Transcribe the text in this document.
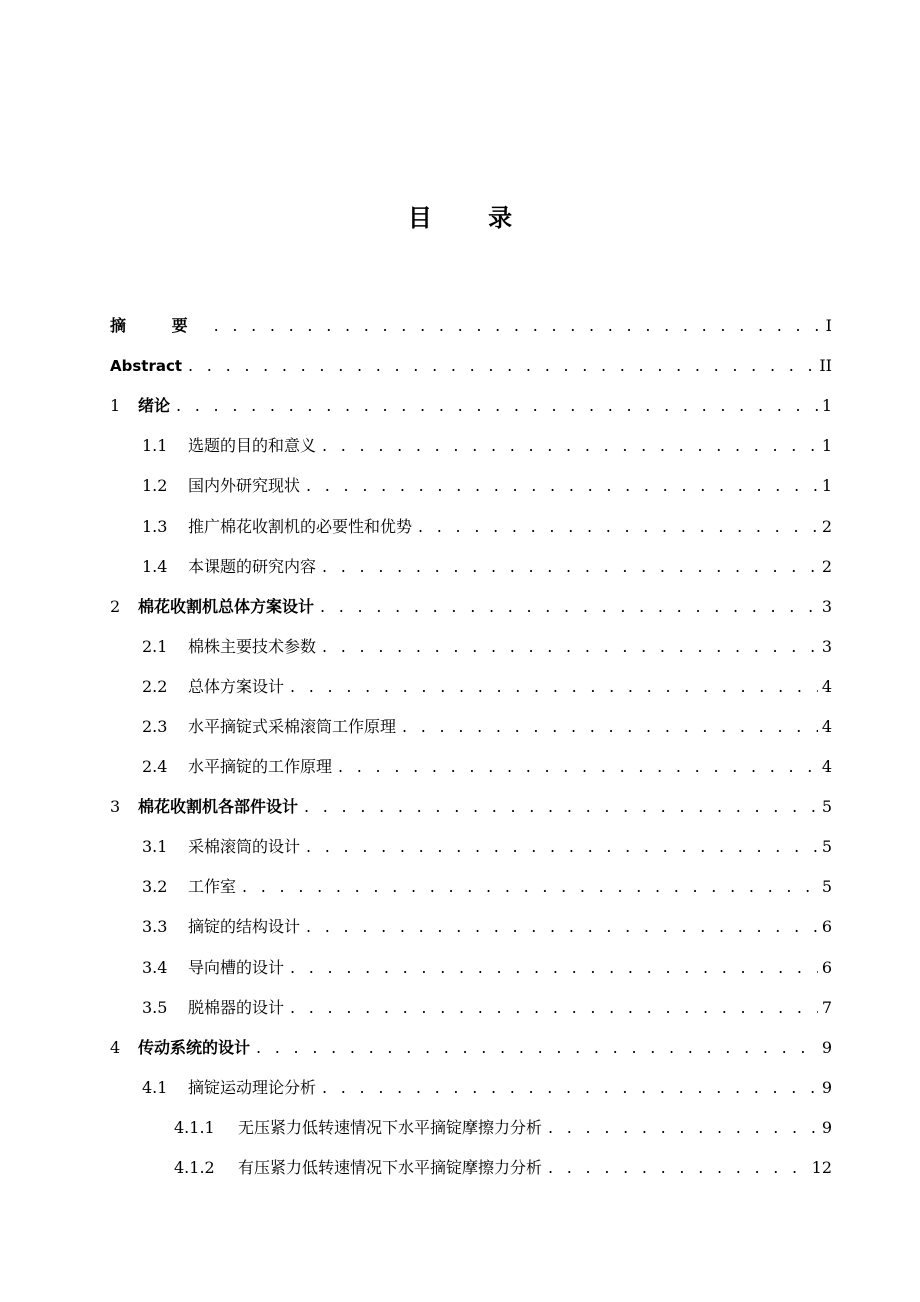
目 录
摘 要 . . .	I
Abstract . . .	II
1	绪论 . . .	1
1.1	选题的目的和意义 . . .	1
1.2	国内外研究现状 . . .	1
1.3	推广棉花收割机的必要性和优势 . . .	2
1.4	本课题的研究内容 . . .	2
2	棉花收割机总体方案设计 . . .	3
2.1	棉株主要技术参数 . . .	3
2.2	总体方案设计 . . .	4
2.3	水平摘锭式采棉滚筒工作原理 . . .	4
2.4	水平摘锭的工作原理 . . .	4
3	棉花收割机各部件设计 . . .	5
3.1	采棉滚筒的设计 . . .	5
3.2	工作室 . . .	5
3.3	摘锭的结构设计 . . .	6
3.4	导向槽的设计 . . .	6
3.5	脱棉器的设计 . . .	7
4	传动系统的设计 . . .	9
4.1	摘锭运动理论分析 . . .	9
4.1.1	无压紧力低转速情况下水平摘锭摩擦力分析 . . .	9
4.1.2	有压紧力低转速情况下水平摘锭摩擦力分析 . . .	12
